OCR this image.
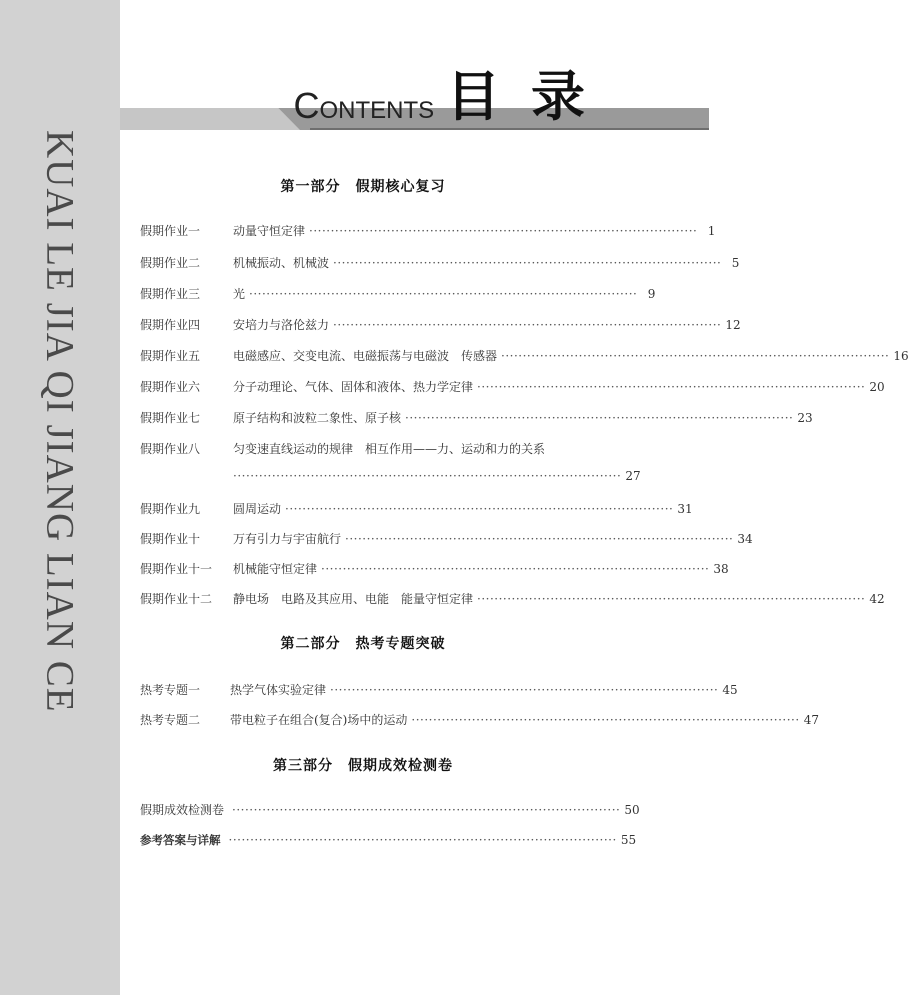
KUAI LE JIA QI JIANG LIAN CE
CONTENTS 目 录
第一部分　假期核心复习
假期作业一	动量守恒定律 ·························································································· 1
假期作业二	机械振动、机械波 ·························································································· 5
假期作业三	光 ·························································································· 9
假期作业四	安培力与洛伦兹力 ·························································································· 12
假期作业五	电磁感应、交变电流、电磁振荡与电磁波　传感器 ·························································································· 16
假期作业六	分子动理论、气体、固体和液体、热力学定律 ·························································································· 20
假期作业七	原子结构和波粒二象性、原子核 ·························································································· 23
假期作业八	匀变速直线运动的规律　相互作用——力、运动和力的关系
·························································································· 27
假期作业九	圆周运动 ·························································································· 31
假期作业十	万有引力与宇宙航行 ·························································································· 34
假期作业十一	机械能守恒定律 ·························································································· 38
假期作业十二	静电场　电路及其应用、电能　能量守恒定律 ·························································································· 42
第二部分　热考专题突破
热考专题一	热学气体实验定律 ·························································································· 45
热考专题二	带电粒子在组合(复合)场中的运动 ·························································································· 47
第三部分　假期成效检测卷
假期成效检测卷 ·························································································· 50
参考答案与详解 ·························································································· 55
